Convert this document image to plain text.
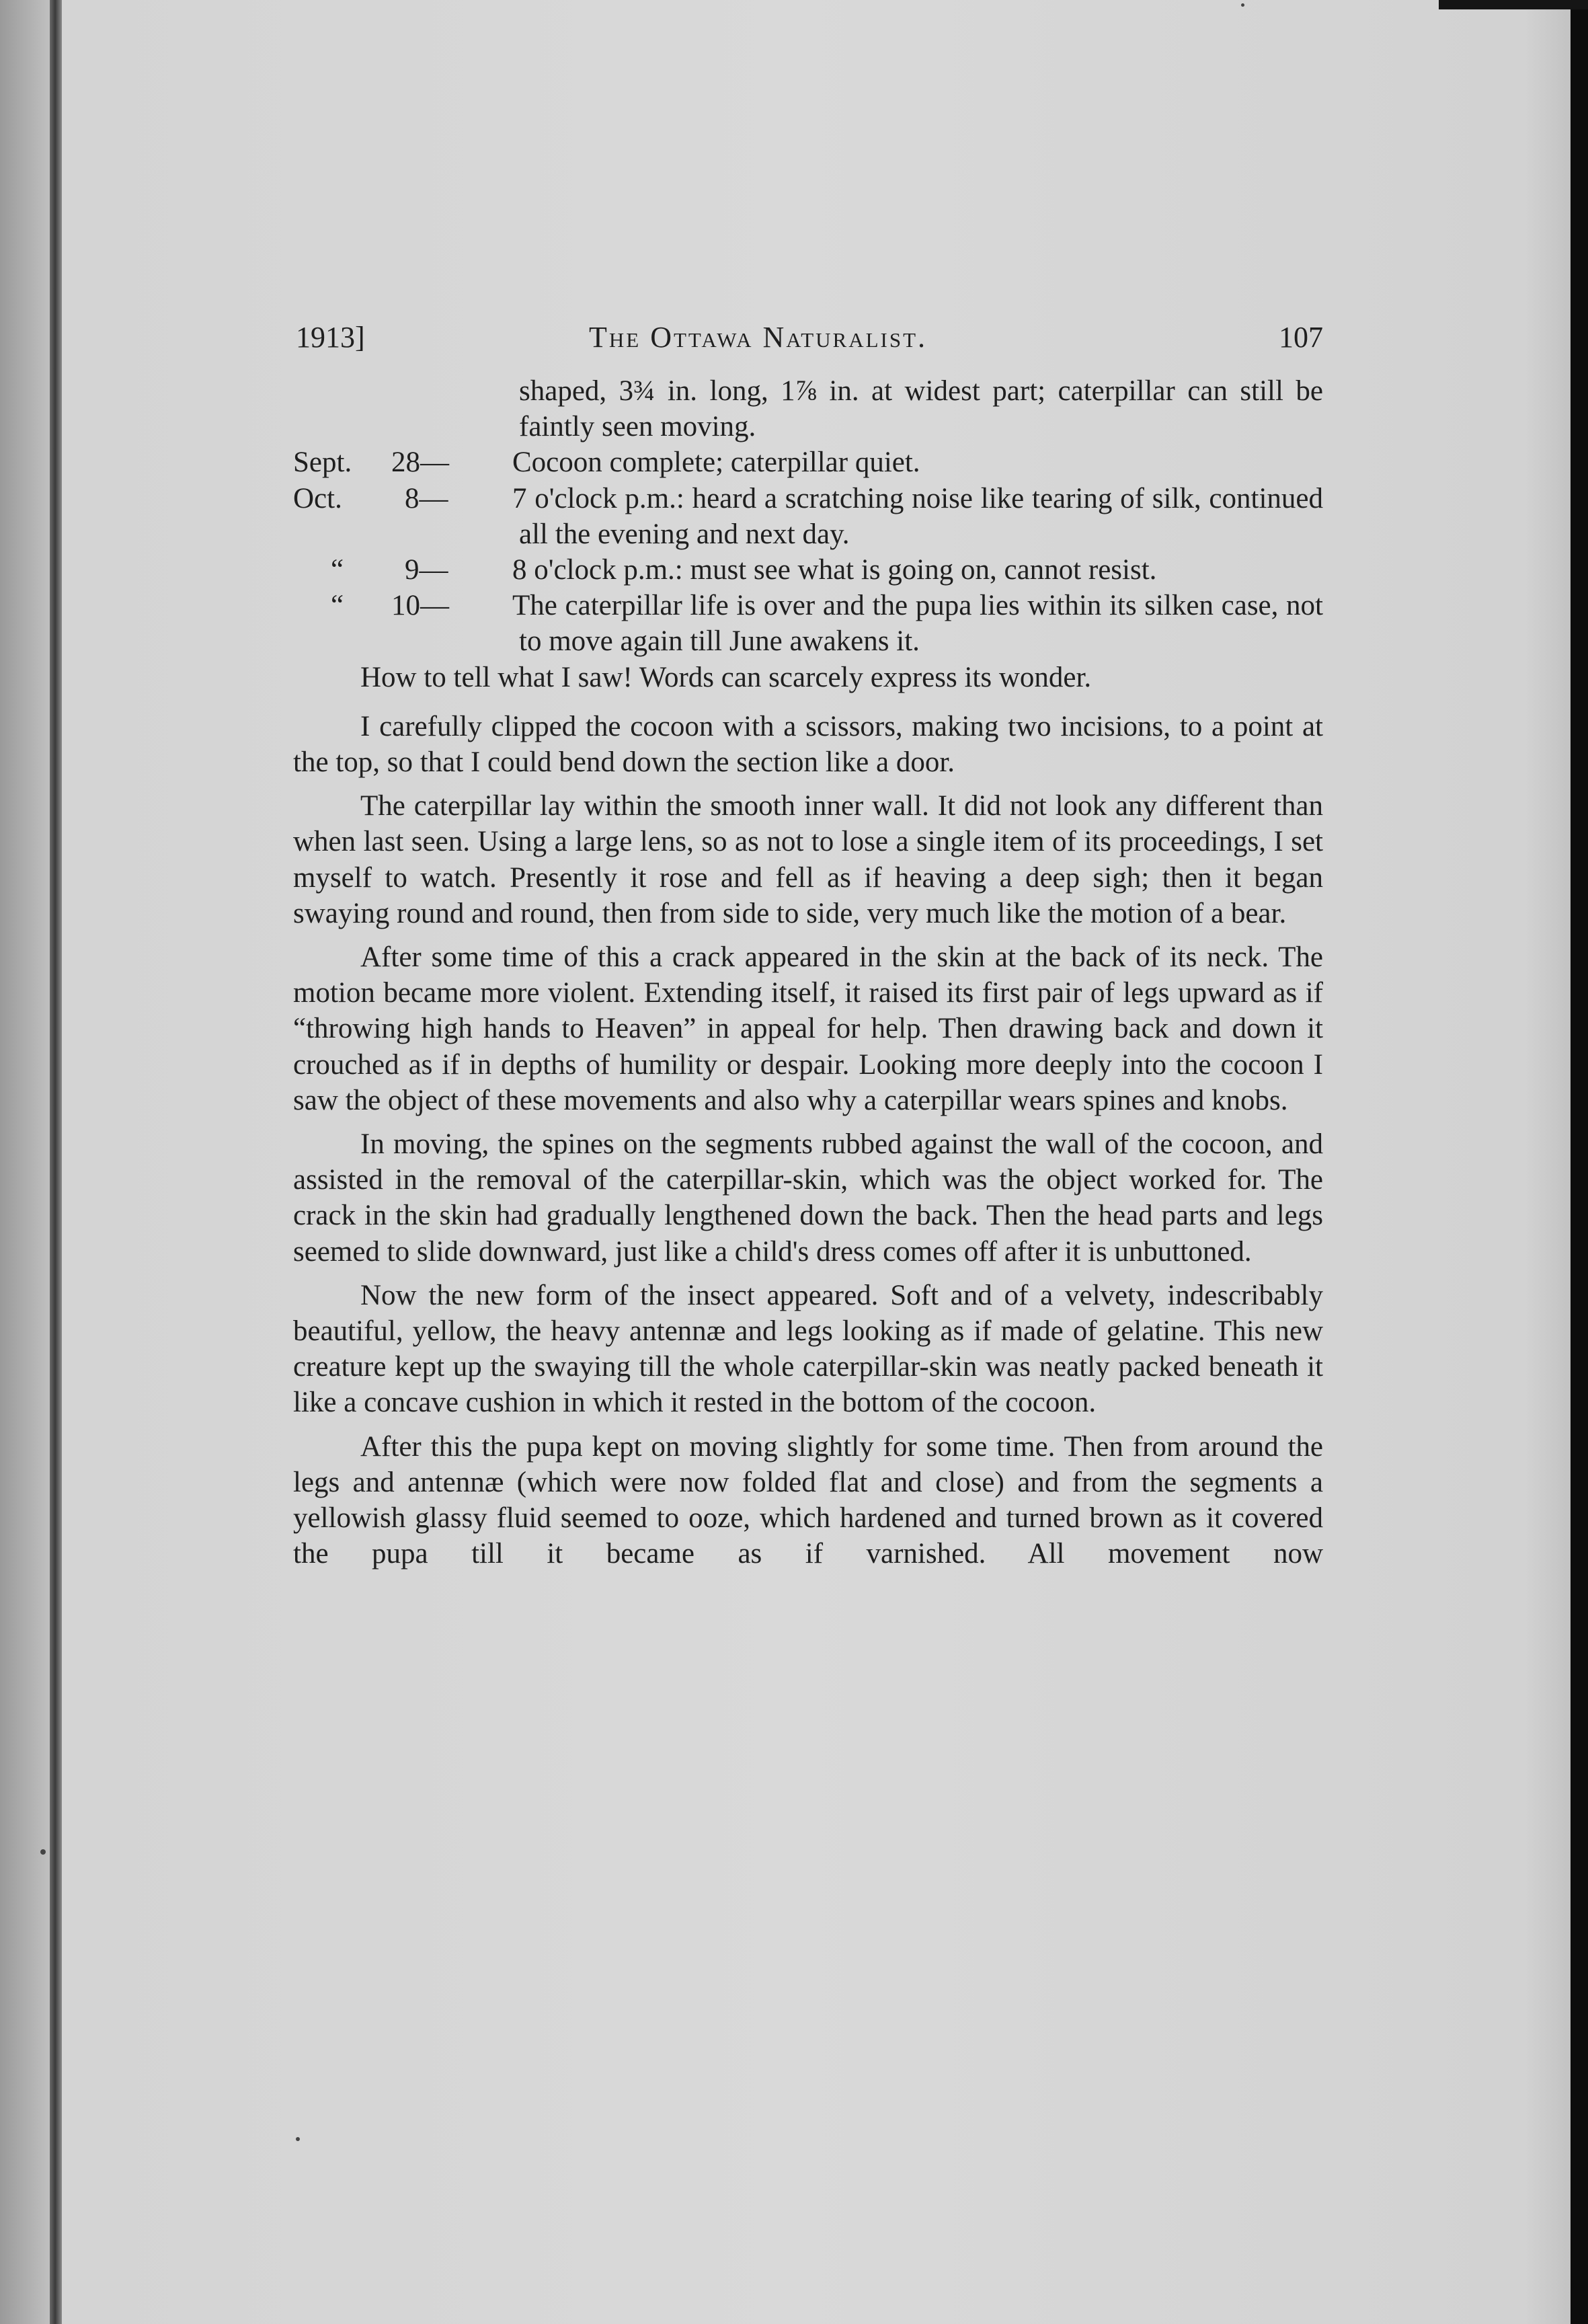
1913]	The Ottawa Naturalist.	107
shaped, 3¾ in. long, 1⅞ in. at widest part; caterpillar can still be faintly seen moving.
Sept. 28— Cocoon complete; caterpillar quiet.
Oct. 8— 7 o'clock p.m.: heard a scratching noise like tearing of silk, continued all the evening and next day.
“ 9— 8 o'clock p.m.: must see what is going on, cannot resist.
“ 10— The caterpillar life is over and the pupa lies within its silken case, not to move again till June awakens it.

How to tell what I saw! Words can scarcely express its wonder.

I carefully clipped the cocoon with a scissors, making two incisions, to a point at the top, so that I could bend down the section like a door.

The caterpillar lay within the smooth inner wall. It did not look any different than when last seen. Using a large lens, so as not to lose a single item of its proceedings, I set myself to watch. Presently it rose and fell as if heaving a deep sigh; then it began swaying round and round, then from side to side, very much like the motion of a bear.

After some time of this a crack appeared in the skin at the back of its neck. The motion became more violent. Extending itself, it raised its first pair of legs upward as if “throwing high hands to Heaven” in appeal for help. Then drawing back and down it crouched as if in depths of humility or despair. Looking more deeply into the cocoon I saw the object of these movements and also why a caterpillar wears spines and knobs.

In moving, the spines on the segments rubbed against the wall of the cocoon, and assisted in the removal of the caterpillar-skin, which was the object worked for. The crack in the skin had gradually lengthened down the back. Then the head parts and legs seemed to slide downward, just like a child's dress comes off after it is unbuttoned.

Now the new form of the insect appeared. Soft and of a velvety, indescribably beautiful, yellow, the heavy antennæ and legs looking as if made of gelatine. This new creature kept up the swaying till the whole caterpillar-skin was neatly packed beneath it like a concave cushion in which it rested in the bottom of the cocoon.

After this the pupa kept on moving slightly for some time. Then from around the legs and antennæ (which were now folded flat and close) and from the segments a yellowish glassy fluid seemed to ooze, which hardened and turned brown as it covered the pupa till it became as if varnished. All movement now
